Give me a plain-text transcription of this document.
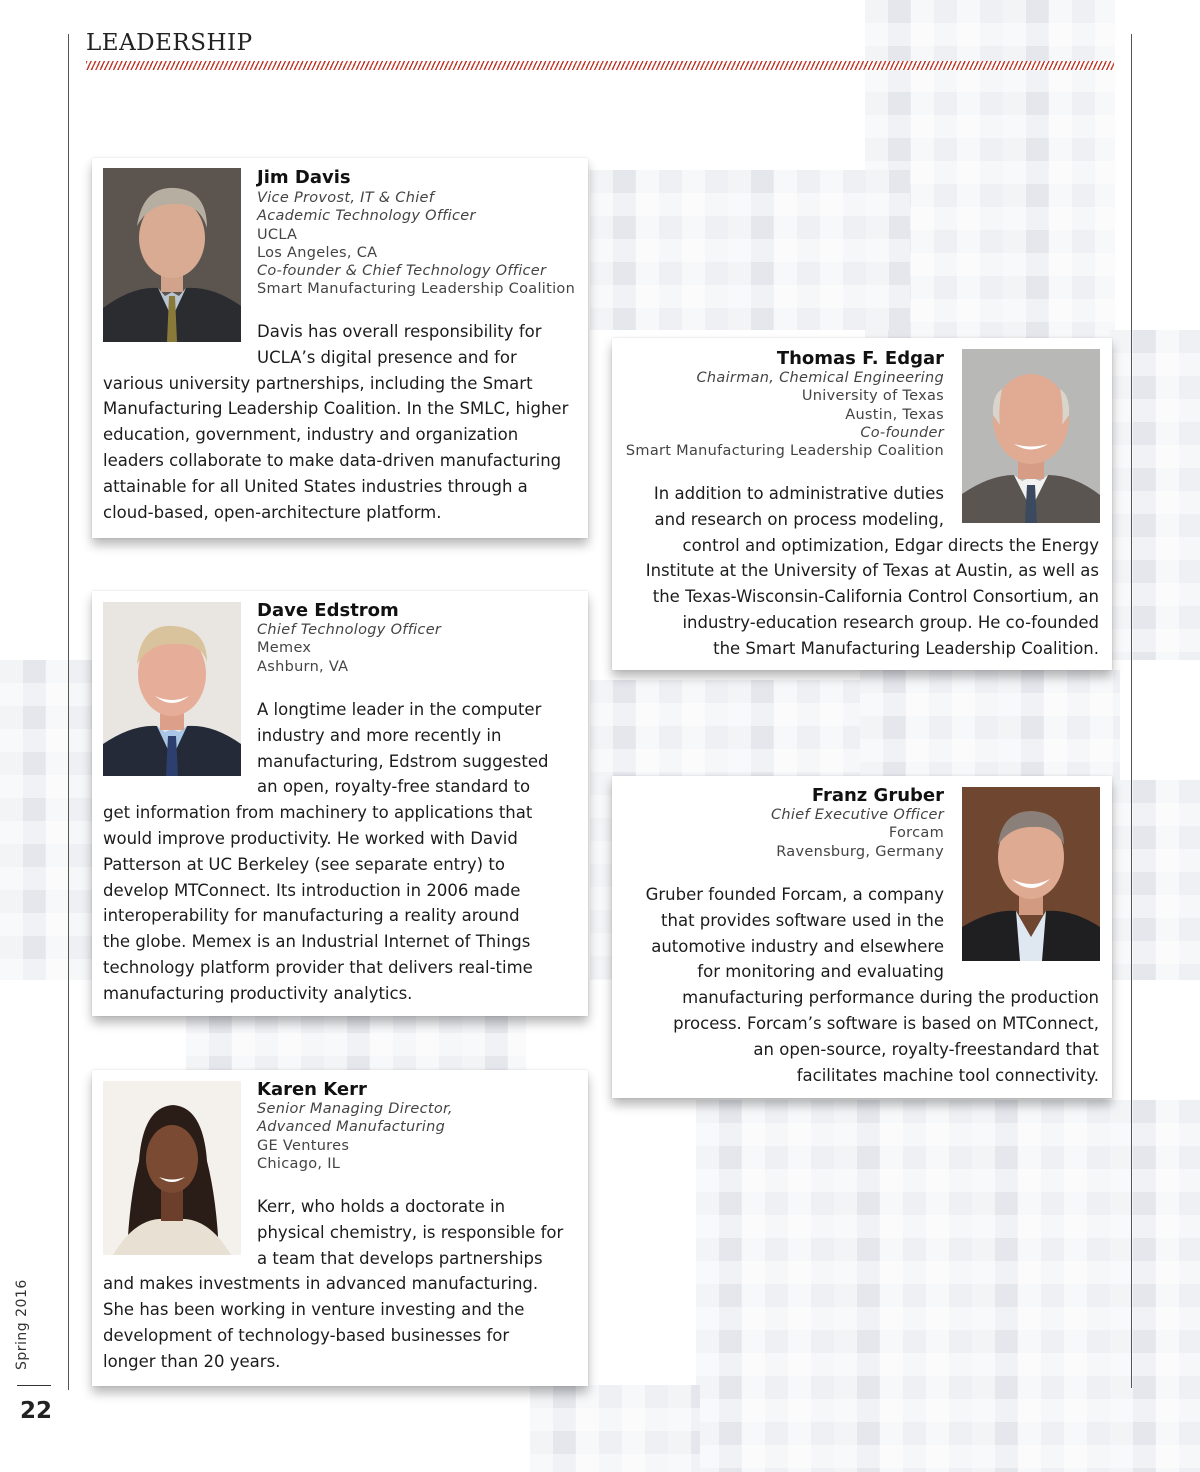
LEADERSHIP
Jim Davis
Vice Provost, IT & Chief
Academic Technology Officer
UCLA
Los Angeles, CA
Co-founder & Chief Technology Officer
Smart Manufacturing Leadership Coalition
Davis has overall responsibility for
UCLA’s digital presence and for
various university partnerships, including the Smart
Manufacturing Leadership Coalition. In the SMLC, higher
education, government, industry and organization
leaders collaborate to make data-driven manufacturing
attainable for all United States industries through a
cloud-based, open-architecture platform.
Thomas F. Edgar
Chairman, Chemical Engineering
University of Texas
Austin, Texas
Co-founder
Smart Manufacturing Leadership Coalition
In addition to administrative duties
and research on process modeling,
control and optimization, Edgar directs the Energy
Institute at the University of Texas at Austin, as well as
the Texas-Wisconsin-California Control Consortium, an
industry-education research group. He co-founded
the Smart Manufacturing Leadership Coalition.
Dave Edstrom
Chief Technology Officer
Memex
Ashburn, VA
A longtime leader in the computer
industry and more recently in
manufacturing, Edstrom suggested
an open, royalty-free standard to
get information from machinery to applications that
would improve productivity. He worked with David
Patterson at UC Berkeley (see separate entry) to
develop MTConnect. Its introduction in 2006 made
interoperability for manufacturing a reality around
the globe. Memex is an Industrial Internet of Things
technology platform provider that delivers real-time
manufacturing productivity analytics.
Franz Gruber
Chief Executive Officer
Forcam
Ravensburg, Germany
Gruber founded Forcam, a company
that provides software used in the
automotive industry and elsewhere
for monitoring and evaluating
manufacturing performance during the production
process. Forcam’s software is based on MTConnect,
an open-source, royalty-freestandard that
facilitates machine tool connectivity.
Karen Kerr
Senior Managing Director,
Advanced Manufacturing
GE Ventures
Chicago, IL
Kerr, who holds a doctorate in
physical chemistry, is responsible for
a team that develops partnerships
and makes investments in advanced manufacturing.
She has been working in venture investing and the
development of technology-based businesses for
longer than 20 years.
Spring 2016
22
